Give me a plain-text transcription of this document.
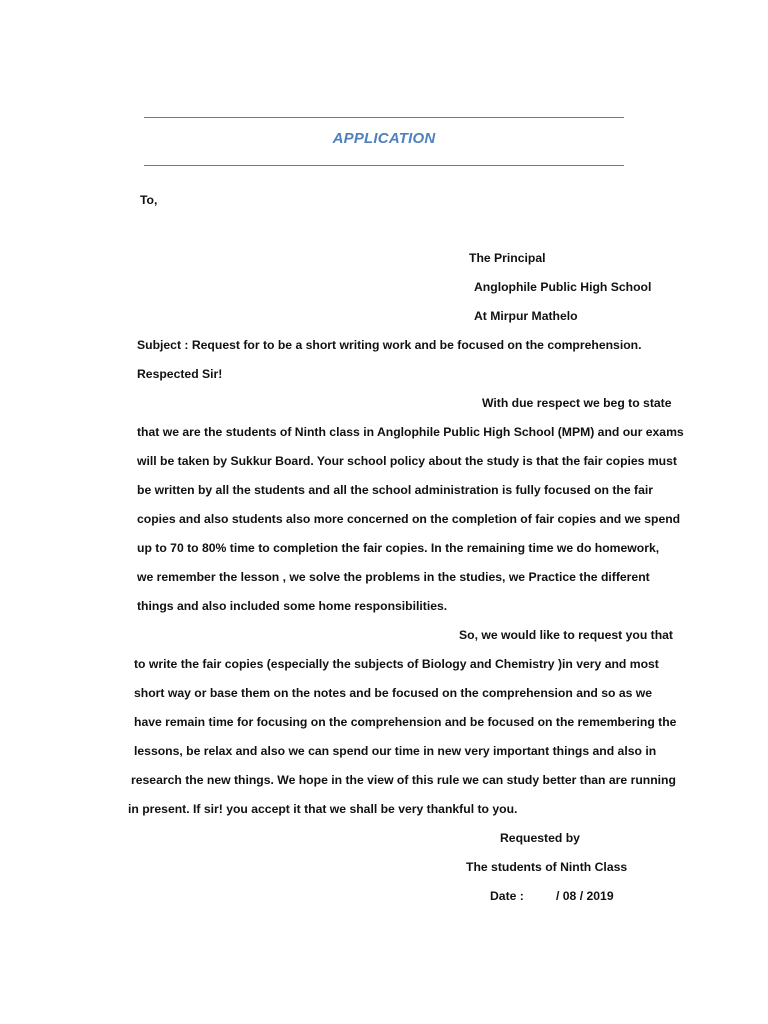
APPLICATION
To,
The Principal
Anglophile Public High School
At Mirpur Mathelo
Subject : Request for to be a short writing work and be focused on the comprehension.
Respected Sir!
With due respect we beg to state
that we are the students of Ninth class in Anglophile Public High School (MPM) and our exams
will be taken by Sukkur Board. Your school policy about the study is that the fair copies must
be written by all the students and all the school administration is fully focused on the fair
copies and also students also more concerned on the completion of fair copies and we spend
up to 70 to 80% time to completion the fair copies. In the remaining time we do homework,
we remember the lesson , we solve the problems in the studies, we Practice the different
things and also included some home responsibilities.
So, we would like to request you that
to write the fair copies (especially the subjects of Biology and Chemistry )in very and most
short way or base them on the notes and be focused on the comprehension and so as we
have remain time for focusing on the comprehension and be focused on the remembering the
lessons, be relax and also we can spend our time in new very important things and also in
research the new things. We hope in the view of this rule we can study better than are running
in present. If sir! you accept it that we shall be very thankful to you.
Requested by
The students of Ninth Class
Date :	/ 08 / 2019
